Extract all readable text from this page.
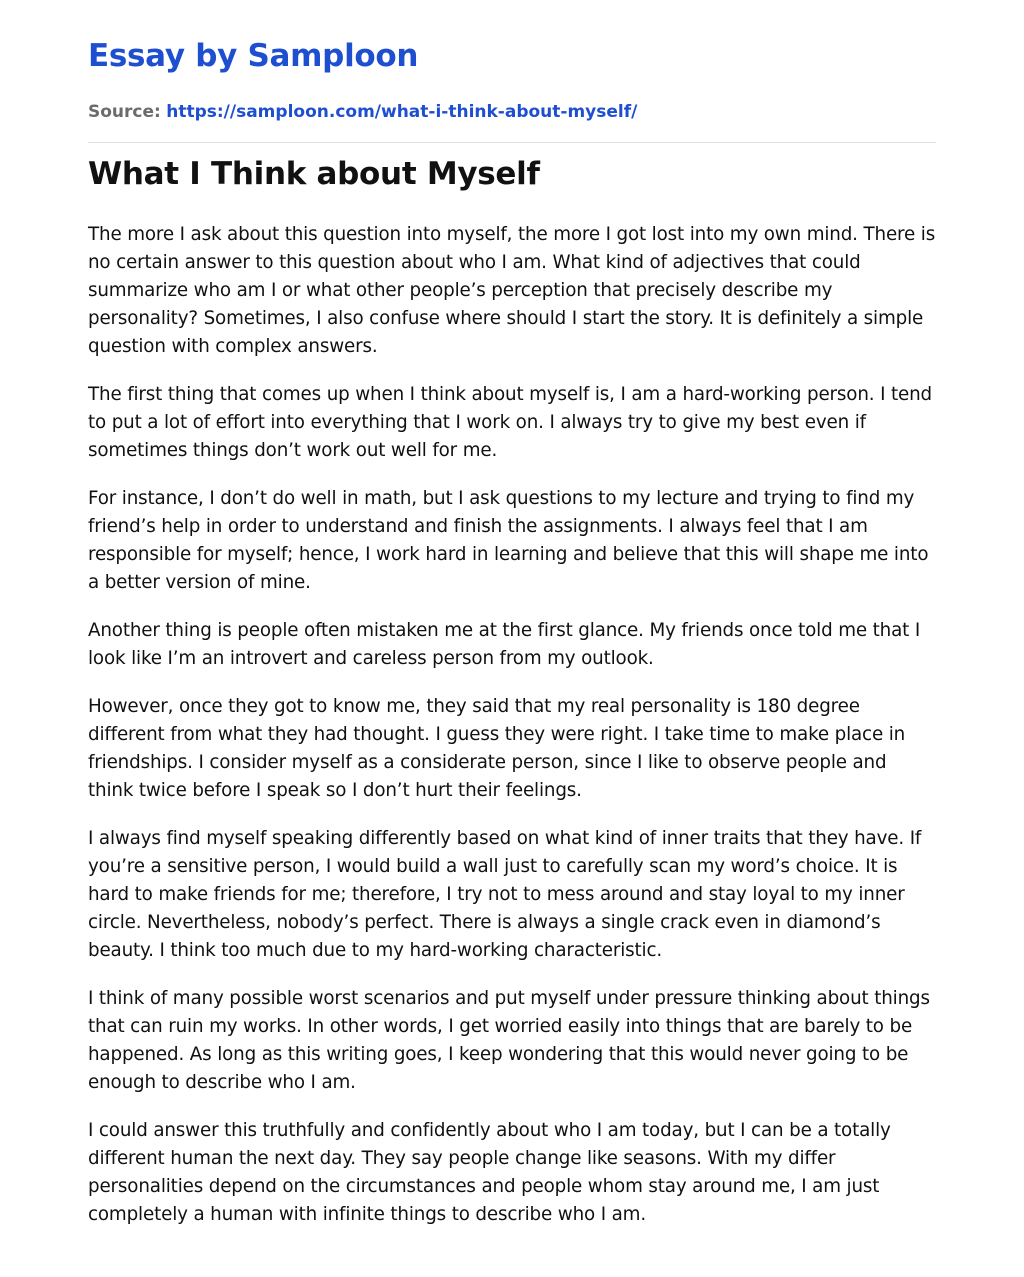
Essay by Samploon
Source: https://samploon.com/what-i-think-about-myself/
What I Think about Myself

The more I ask about this question into myself, the more I got lost into my own mind. There is no certain answer to this question about who I am. What kind of adjectives that could summarize who am I or what other people’s perception that precisely describe my personality? Sometimes, I also confuse where should I start the story. It is definitely a simple question with complex answers.

The first thing that comes up when I think about myself is, I am a hard-working person. I tend to put a lot of effort into everything that I work on. I always try to give my best even if sometimes things don’t work out well for me.

For instance, I don’t do well in math, but I ask questions to my lecture and trying to find my friend’s help in order to understand and finish the assignments. I always feel that I am responsible for myself; hence, I work hard in learning and believe that this will shape me into a better version of mine.

Another thing is people often mistaken me at the first glance. My friends once told me that I look like I’m an introvert and careless person from my outlook.

However, once they got to know me, they said that my real personality is 180 degree different from what they had thought. I guess they were right. I take time to make place in friendships. I consider myself as a considerate person, since I like to observe people and think twice before I speak so I don’t hurt their feelings.

I always find myself speaking differently based on what kind of inner traits that they have. If you’re a sensitive person, I would build a wall just to carefully scan my word’s choice. It is hard to make friends for me; therefore, I try not to mess around and stay loyal to my inner circle. Nevertheless, nobody’s perfect. There is always a single crack even in diamond’s beauty. I think too much due to my hard-working characteristic.

I think of many possible worst scenarios and put myself under pressure thinking about things that can ruin my works. In other words, I get worried easily into things that are barely to be happened. As long as this writing goes, I keep wondering that this would never going to be enough to describe who I am.

I could answer this truthfully and confidently about who I am today, but I can be a totally different human the next day. They say people change like seasons. With my differ personalities depend on the circumstances and people whom stay around me, I am just completely a human with infinite things to describe who I am.
